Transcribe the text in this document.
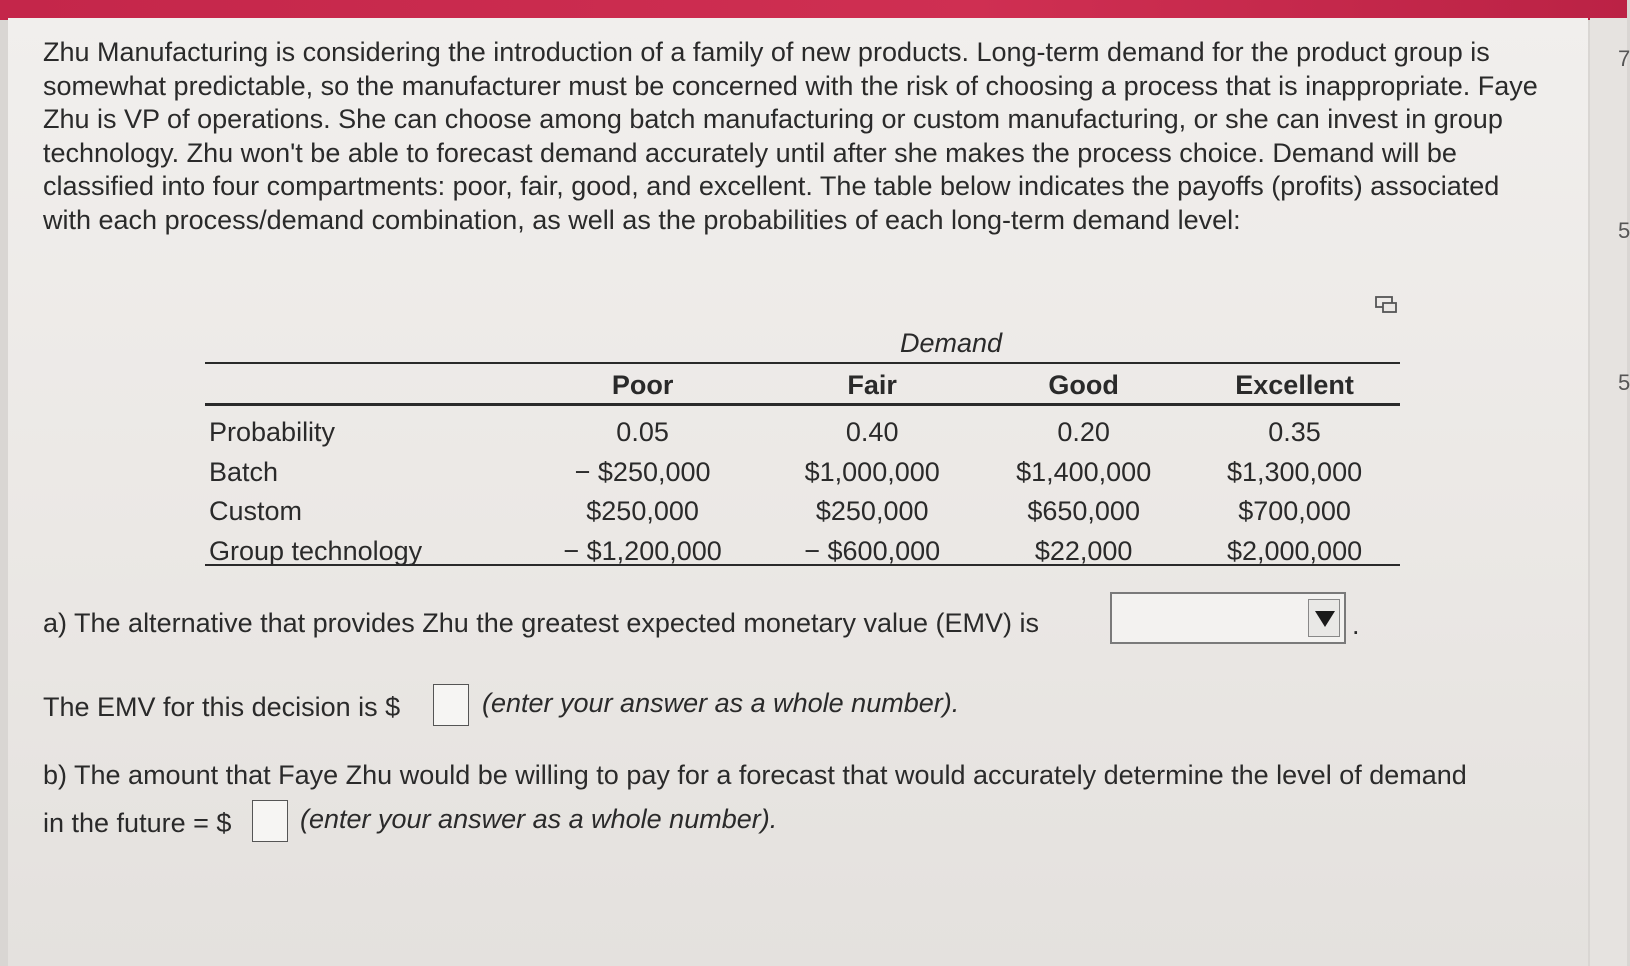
7
5
5

Zhu Manufacturing is considering the introduction of a family of new products. Long-term demand for the product group is somewhat predictable, so the manufacturer must be concerned with the risk of choosing a process that is inappropriate. Faye Zhu is VP of operations. She can choose among batch manufacturing or custom manufacturing, or she can invest in group technology. Zhu won't be able to forecast demand accurately until after she makes the process choice. Demand will be classified into four compartments: poor, fair, good, and excellent. The table below indicates the payoffs (profits) associated with each process/demand combination, as well as the probabilities of each long-term demand level:

Demand
	Poor	Fair	Good	Excellent
Probability	0.05	0.40	0.20	0.35
Batch	− $250,000	$1,000,000	$1,400,000	$1,300,000
Custom	$250,000	$250,000	$650,000	$700,000
Group technology	− $1,200,000	− $600,000	$22,000	$2,000,000
a) The alternative that provides Zhu the greatest expected monetary value (EMV) is	.
The EMV for this decision is $	(enter your answer as a whole number).
b) The amount that Faye Zhu would be willing to pay for a forecast that would accurately determine the level of demand
in the future = $	(enter your answer as a whole number).
